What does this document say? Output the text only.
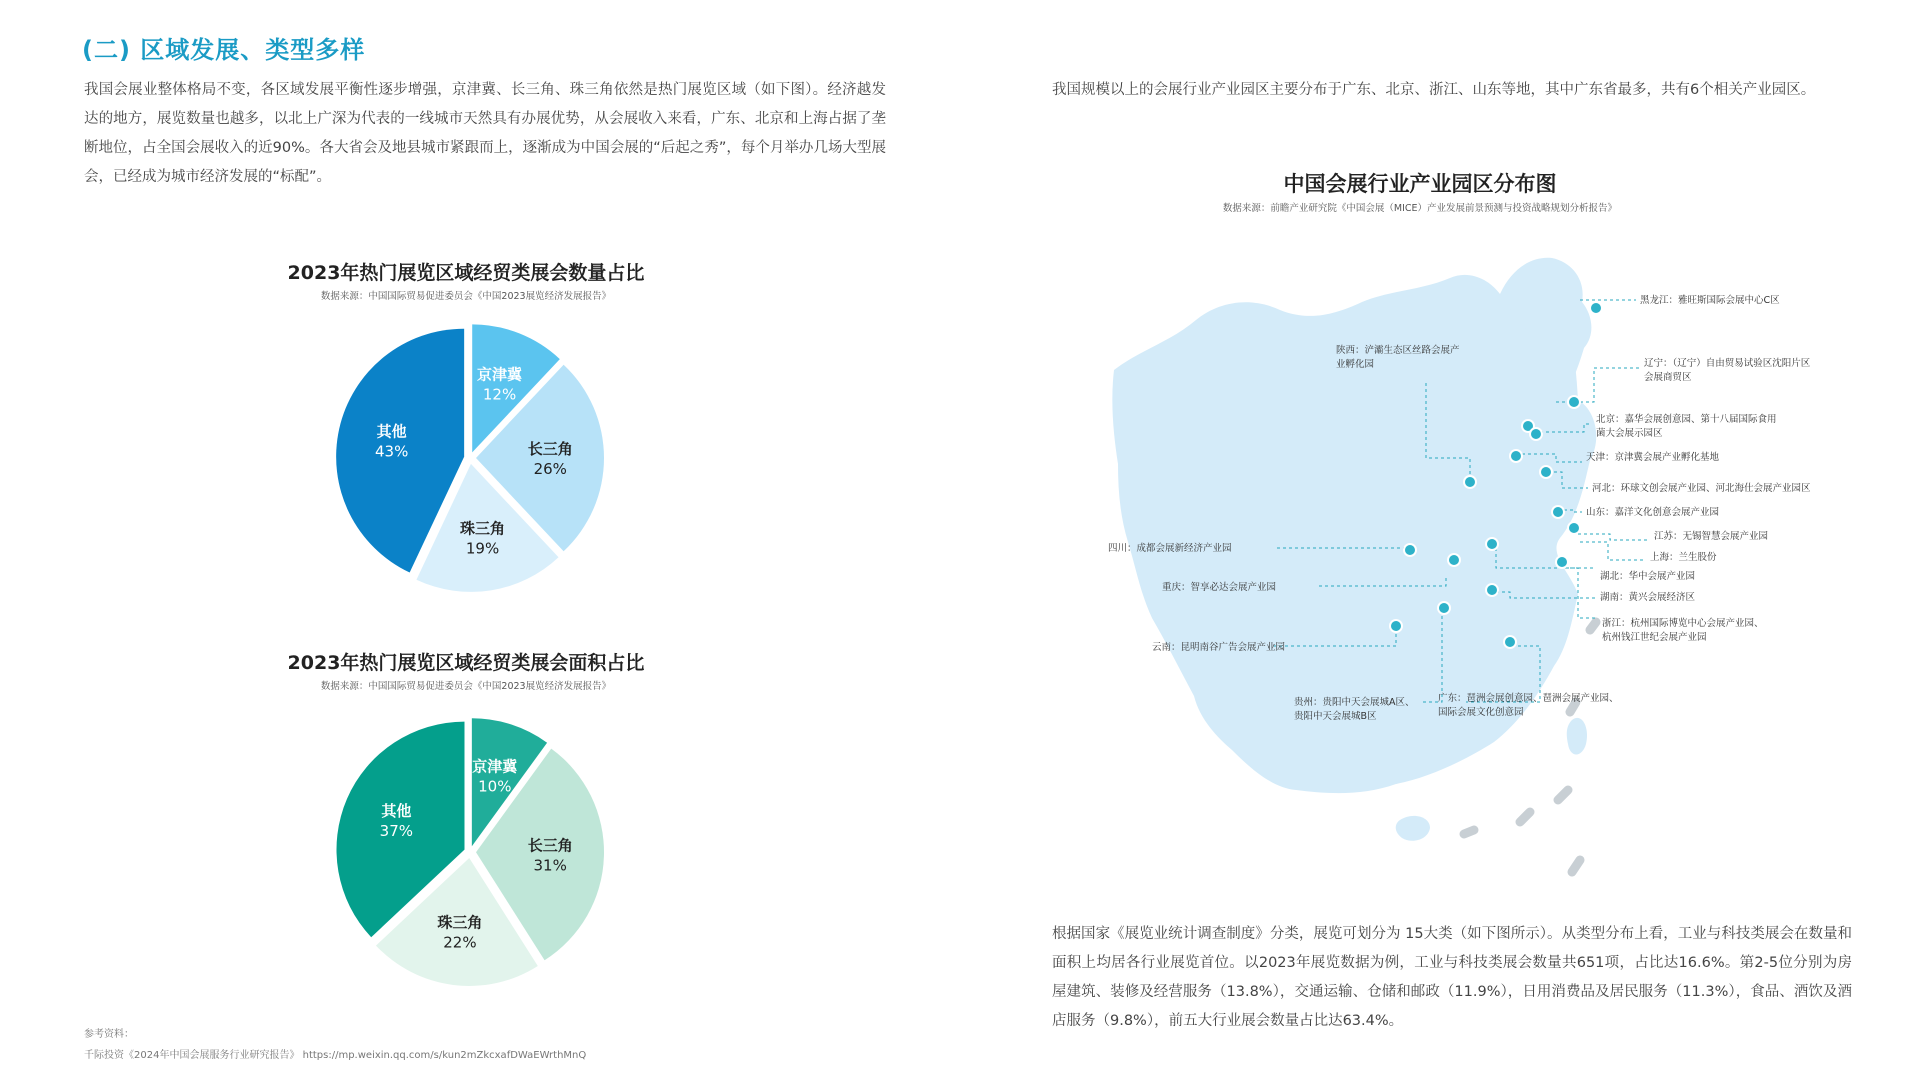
(二) 区域发展、类型多样

我国会展业整体格局不变，各区域发展平衡性逐步增强，京津冀、长三角、珠三角依然是热门展览区域（如下图）。经济越发达的地方，展览数量也越多，以北上广深为代表的一线城市天然具有办展优势，从会展收入来看，广东、北京和上海占据了垄断地位，占全国会展收入的近90%。各大省会及地县城市紧跟而上，逐渐成为中国会展的“后起之秀”，每个月举办几场大型展会，已经成为城市经济发展的“标配”。

2023年热门展览区域经贸类展会数量占比
数据来源：中国国际贸易促进委员会《中国2023展览经济发展报告》
京津冀
12%
长三角
26%
珠三角
19%
其他
43%
2023年热门展览区域经贸类展会面积占比
数据来源：中国国际贸易促进委员会《中国2023展览经济发展报告》
京津冀
10%
长三角
31%
珠三角
22%
其他
37%
参考资料：
千际投资《2024年中国会展服务行业研究报告》 https://mp.weixin.qq.com/s/kun2mZkcxafDWaEWrthMnQ

我国规模以上的会展行业产业园区主要分布于广东、北京、浙江、山东等地，其中广东省最多，共有6个相关产业园区。

中国会展行业产业园区分布图
数据来源：前瞻产业研究院《中国会展（MICE）产业发展前景预测与投资战略规划分析报告》
黑龙江：雅旺斯国际会展中心C区
辽宁：（辽宁）自由贸易试验区沈阳片区
会展商贸区
北京：嘉华会展创意园、第十八届国际食用
菌大会展示园区
天津：京津冀会展产业孵化基地
河北：环球文创会展产业园、河北海仕会展产业园区
山东：嘉洋文化创意会展产业园
江苏：无锡智慧会展产业园
上海：兰生股份
湖北：华中会展产业园
湖南：黄兴会展经济区
浙江：杭州国际博览中心会展产业园、
杭州钱江世纪会展产业园
广东：琶洲会展创意园、琶洲会展产业园、
国际会展文化创意园
贵州：贵阳中天会展城A区、
贵阳中天会展城B区
云南：昆明南谷广告会展产业园
重庆：智享必达会展产业园
四川：成都会展新经济产业园
陕西：浐灞生态区丝路会展产
业孵化园

根据国家《展览业统计调查制度》分类，展览可划分为 15大类（如下图所示）。从类型分布上看，工业与科技类展会在数量和面积上均居各行业展览首位。以2023年展览数据为例，工业与科技类展会数量共651项，占比达16.6%。第2-5位分别为房屋建筑、装修及经营服务（13.8%），交通运输、仓储和邮政（11.9%），日用消费品及居民服务（11.3%），食品、酒饮及酒店服务（9.8%），前五大行业展会数量占比达63.4%。
